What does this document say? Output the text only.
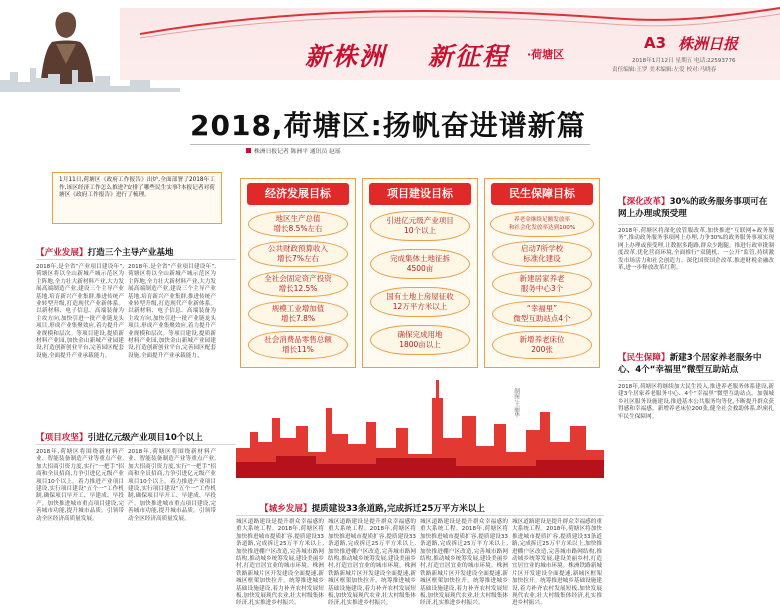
新株洲 新征程 ·荷塘区
A3 株洲日报
2018年1月12日 星期五 电话:22593776
责任编辑:王罗 美术编辑:左爱 校对:马晓春
2018,荷塘区:扬帆奋进谱新篇
株洲日报记者 陈洲平 通讯员 赵瑶
1月11日,荷塘区《政府工作报告》出炉,全面部署了2018年工作,该区经济工作怎么推进?安排了哪些民生实事?本报记者对荷塘区《政府工作报告》进行了梳理。
【产业发展】打造三个主导产业基地
2018年,是全省“产业项目建设年”,荷塘区将以全山新城产城示范区为主阵地,全力壮大新材料产业,大力发展高端制造产业,建设三个主导产业基地,培育新兴产业集群,推进传统产业转型升级,打造现代产业新体系。以新材料、电子信息、高端装备为主攻方向,加快引进一批产业链龙头项目,形成产业集聚效应,着力提升产业规模和层次。等项目建设,提质新材料产业园,加快金山新城产业园建设,打造创新创业平台,完善园区配套设施,全面提升产业承载能力。
2018年,是全省“产业项目建设年”,荷塘区将以全山新城产城示范区为主阵地,全力壮大新材料产业,大力发展高端制造产业,建设三个主导产业基地,培育新兴产业集群,推进传统产业转型升级,打造现代产业新体系。以新材料、电子信息、高端装备为主攻方向,加快引进一批产业链龙头项目,形成产业集聚效应,着力提升产业规模和层次。等项目建设,提质新材料产业园,加快金山新城产业园建设,打造创新创业平台,完善园区配套设施,全面提升产业承载能力。
【项目攻坚】引进亿元级产业项目10个以上
2018年,荷塘区将围绕新材料产业、智能装备制造产业等重点产业,加大招商引资力度,实行“一把手”招商和全员招商,力争引进亿元级产业项目10个以上。着力推进产业项目建设,实行项目建设“五个一”工作机制,确保项目早开工、早建成、早投产。加快推进城市重点项目建设,完善城市功能,提升城市品质。引领带动全区经济高质量发展。
2018年,荷塘区将围绕新材料产业、智能装备制造产业等重点产业,加大招商引资力度,实行“一把手”招商和全员招商,力争引进亿元级产业项目10个以上。着力推进产业项目建设,实行项目建设“五个一”工作机制,确保项目早开工、早建成、早投产。加快推进城市重点项目建设,完善城市功能,提升城市品质。引领带动全区经济高质量发展。
经济发展目标
地区生产总值
增长8.5%左右
公共财政预算收入
增长7%左右
全社会固定资产投资
增长12.5%
规模工业增加值
增长7.8%
社会消费品零售总额
增长11%
项目建设目标
引进亿元级产业项目
10个以上
完成集体土地征拆
4500亩
国有土地上房屋征收
12万平方米以上
确保完成用地
1800亩以上
民生保障目标
养老金继续足额发放率
和社会化发放率达到100%
启动7所学校
标准化建设
新建居家养老
服务中心3个
“幸福里”
微型互助站点4个
新增养老床位
200张
制图:王丽华
【城乡发展】提质建设33条道路,完成拆迁25万平方米以上
城区道路建设是提升群众幸福感的重大系统工程。2018年,荷塘区将加快推进城市提质扩容,提质建设33条道路,完成拆迁25万平方米以上,加快推进棚户区改造,完善城市路网结构,推动城乡统筹发展,建设美丽乡村,打造宜居宜业的城市环境。株洲铁路新城片区开发建设全面提速,新城区框架加快拉开。统筹推进城乡基础设施建设,着力补齐农村发展短板,加快发展现代农业,壮大村级集体经济,扎实推进乡村振兴。
城区道路建设是提升群众幸福感的重大系统工程。2018年,荷塘区将加快推进城市提质扩容,提质建设33条道路,完成拆迁25万平方米以上,加快推进棚户区改造,完善城市路网结构,推动城乡统筹发展,建设美丽乡村,打造宜居宜业的城市环境。株洲铁路新城片区开发建设全面提速,新城区框架加快拉开。统筹推进城乡基础设施建设,着力补齐农村发展短板,加快发展现代农业,壮大村级集体经济,扎实推进乡村振兴。
城区道路建设是提升群众幸福感的重大系统工程。2018年,荷塘区将加快推进城市提质扩容,提质建设33条道路,完成拆迁25万平方米以上,加快推进棚户区改造,完善城市路网结构,推动城乡统筹发展,建设美丽乡村,打造宜居宜业的城市环境。株洲铁路新城片区开发建设全面提速,新城区框架加快拉开。统筹推进城乡基础设施建设,着力补齐农村发展短板,加快发展现代农业,壮大村级集体经济,扎实推进乡村振兴。
城区道路建设是提升群众幸福感的重大系统工程。2018年,荷塘区将加快推进城市提质扩容,提质建设33条道路,完成拆迁25万平方米以上,加快推进棚户区改造,完善城市路网结构,推动城乡统筹发展,建设美丽乡村,打造宜居宜业的城市环境。株洲铁路新城片区开发建设全面提速,新城区框架加快拉开。统筹推进城乡基础设施建设,着力补齐农村发展短板,加快发展现代农业,壮大村级集体经济,扎实推进乡村振兴。
【深化改革】30%的政务服务事项可在网上办理或预受理
2018年,荷塘区将深化放管服改革,加快推进“互联网+政务服务”,推动政务服务事项网上办理,力争30%的政务服务事项实现网上办理或预受理,让数据多跑路,群众少跑腿。推进行政审批制度改革,优化营商环境,全面推行“双随机、一公开”监管,持续激发市场活力和社会创造力。深化国资国企改革,推进财税金融改革,进一步释放改革红利。
【民生保障】新建3个居家养老服务中心、4个“幸福里”微型互助站点
2018年,荷塘区将继续加大民生投入,推进养老服务体系建设,新建3个居家养老服务中心、4个“幸福里”微型互助站点。加强城乡社区服务设施建设,推进基本公共服务均等化,不断提升群众获得感和幸福感。新增养老床位200张,健全社会救助体系,织密扎牢民生保障网。
